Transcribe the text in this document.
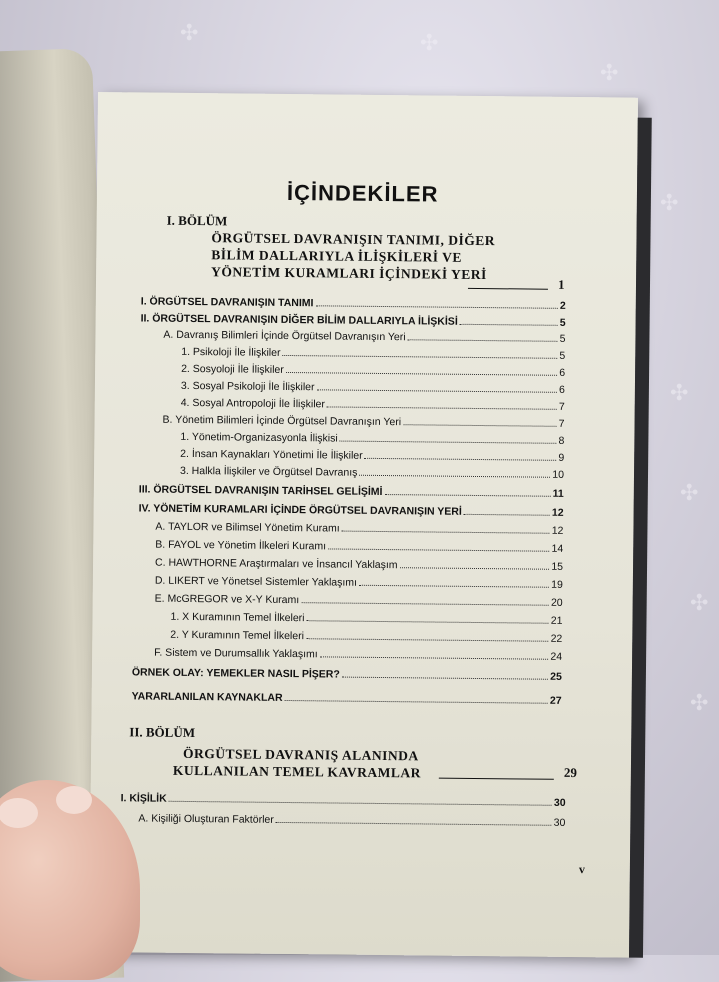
✣	✣
✣
✣
✣
✣
✣
✣
İÇİNDEKİLER
I. BÖLÜM
ÖRGÜTSEL DAVRANIŞIN TANIMI, DİĞER
BİLİM DALLARIYLA İLİŞKİLERİ VE
YÖNETİM KURAMLARI İÇİNDEKİ YERİ
1
I. ÖRGÜTSEL DAVRANIŞIN TANIMI	2
II. ÖRGÜTSEL DAVRANIŞIN DİĞER BİLİM DALLARIYLA İLİŞKİSİ	5
A. Davranış Bilimleri İçinde Örgütsel Davranışın Yeri	5
1. Psikoloji İle İlişkiler	5
2. Sosyoloji İle İlişkiler	6
3. Sosyal Psikoloji İle İlişkiler	6
4. Sosyal Antropoloji İle İlişkiler	7
B. Yönetim Bilimleri İçinde Örgütsel Davranışın Yeri	7
1. Yönetim-Organizasyonla İlişkisi	8
2. İnsan Kaynakları Yönetimi İle İlişkiler	9
3. Halkla İlişkiler ve Örgütsel Davranış	10
III. ÖRGÜTSEL DAVRANIŞIN TARİHSEL GELİŞİMİ	11
IV. YÖNETİM KURAMLARI İÇİNDE ÖRGÜTSEL DAVRANIŞIN YERİ	12
A. TAYLOR ve Bilimsel Yönetim Kuramı	12
B. FAYOL ve Yönetim İlkeleri Kuramı	14
C. HAWTHORNE Araştırmaları ve İnsancıl Yaklaşım	15
D. LIKERT ve Yönetsel Sistemler Yaklaşımı	19
E. McGREGOR ve X-Y Kuramı	20
1. X Kuramının Temel İlkeleri	21
2. Y Kuramının Temel İlkeleri	22
F. Sistem ve Durumsallık Yaklaşımı	24
ÖRNEK OLAY: YEMEKLER NASIL PİŞER?	25
YARARLANILAN KAYNAKLAR	27
II. BÖLÜM
ÖRGÜTSEL DAVRANIŞ ALANINDA
KULLANILAN TEMEL KAVRAMLAR	29
I. KİŞİLİK	30
A. Kişiliği Oluşturan Faktörler	30
v
